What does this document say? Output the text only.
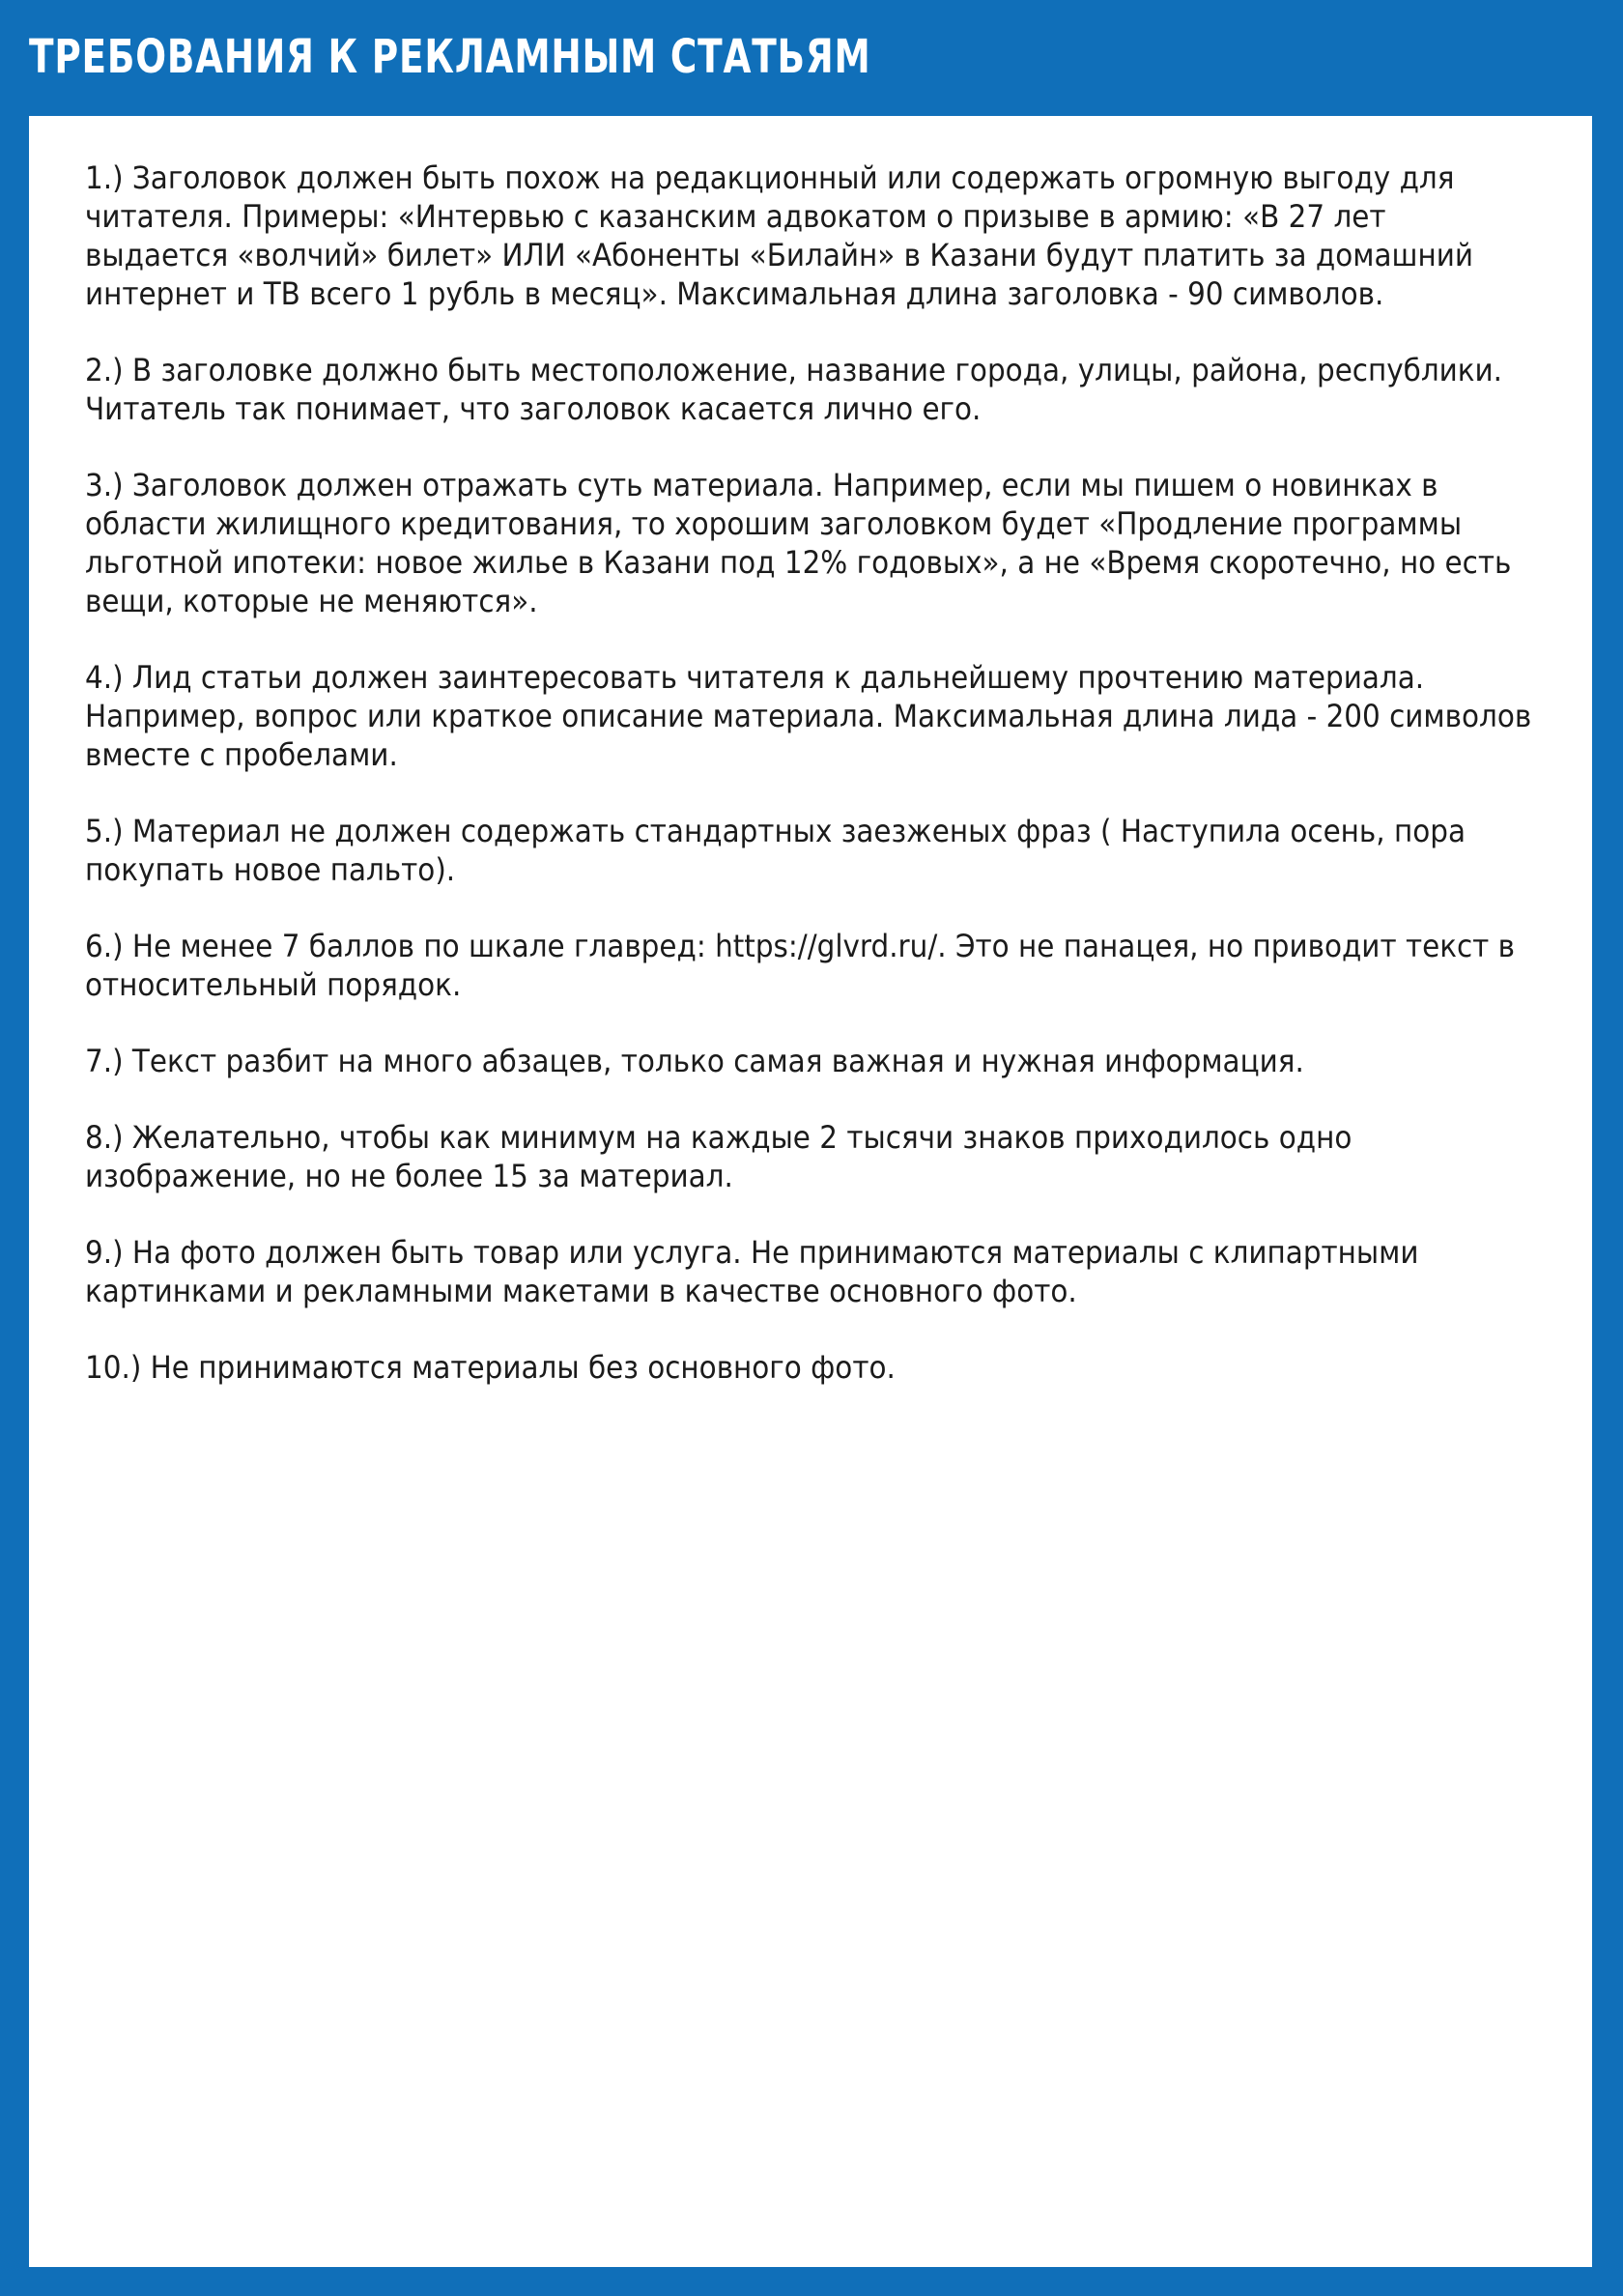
ТРЕБОВАНИЯ К РЕКЛАМНЫМ СТАТЬЯМ
1.) Заголовок должен быть похож на редакционный или содержать огромную выгоду для читателя. Примеры: «Интервью с казанским адвокатом о призыве в армию: «В 27 лет выдается «волчий» билет» ИЛИ «Абоненты «Билайн» в Казани будут платить за домашний интернет и ТВ всего 1 рубль в месяц». Максимальная длина заголовка - 90 символов.
2.) В заголовке должно быть местоположение, название города, улицы, района, республики. Читатель так понимает, что заголовок касается лично его.
3.) Заголовок должен отражать суть материала. Например, если мы пишем о новинках в области жилищного кредитования, то хорошим заголовком будет «Продление программы льготной ипотеки: новое жилье в Казани под 12% годовых», а не «Время скоротечно, но есть вещи, которые не меняются».
4.) Лид статьи должен заинтересовать читателя к дальнейшему прочтению материала. Например, вопрос или краткое описание материала. Максимальная длина лида - 200 символов вместе с пробелами.
5.) Материал не должен содержать стандартных заезженых фраз ( Наступила осень, пора покупать новое пальто).
6.) Не менее 7 баллов по шкале главред: https://glvrd.ru/. Это не панацея, но приводит текст в относительный порядок.
7.) Текст разбит на много абзацев, только самая важная и нужная информация.
8.) Желательно, чтобы как минимум на каждые 2 тысячи знаков приходилось одно изображение, но не более 15 за материал.
9.) На фото должен быть товар или услуга. Не принимаются материалы с клипартными картинками и рекламными макетами в качестве основного фото.
10.) Не принимаются материалы без основного фото.
